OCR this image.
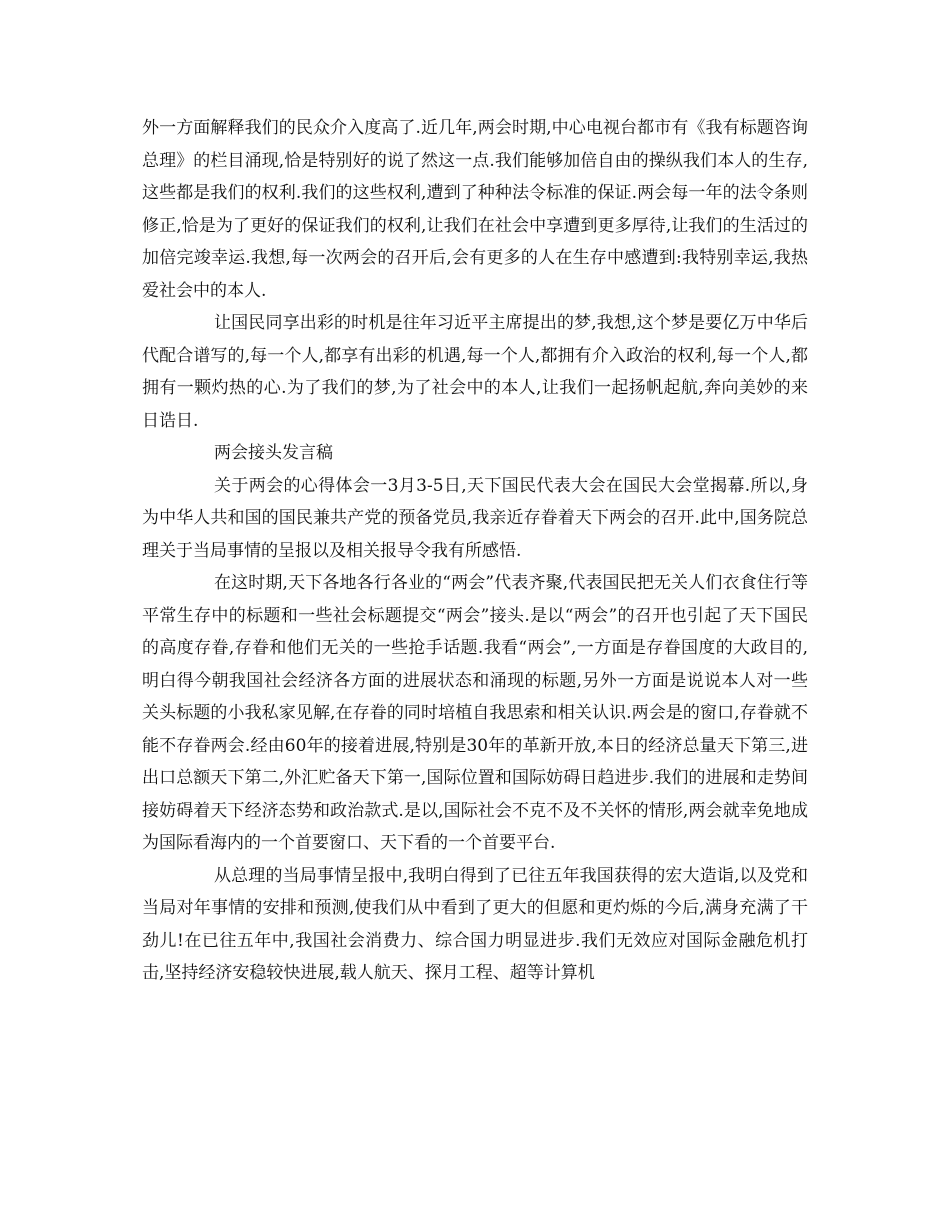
外一方面解释我们的民众介入度高了.近几年,两会时期,中心电视台都市有《我有标题咨询总理》的栏目涌现,恰是特别好的说了然这一点.我们能够加倍自由的操纵我们本人的生存,这些都是我们的权利.我们的这些权利,遭到了种种法令标准的保证.两会每一年的法令条则修正,恰是为了更好的保证我们的权利,让我们在社会中享遭到更多厚待,让我们的生活过的加倍完竣幸运.我想,每一次两会的召开后,会有更多的人在生存中感遭到:我特别幸运,我热爱社会中的本人.

让国民同享出彩的时机是往年习近平主席提出的梦,我想,这个梦是要亿万中华后代配合谱写的,每一个人,都享有出彩的机遇,每一个人,都拥有介入政治的权利,每一个人,都拥有一颗灼热的心.为了我们的梦,为了社会中的本人,让我们一起扬帆起航,奔向美妙的来日诰日.

两会接头发言稿

关于两会的心得体会一3月3-5日,天下国民代表大会在国民大会堂揭幕.所以,身为中华人共和国的国民兼共产党的预备党员,我亲近存眷着天下两会的召开.此中,国务院总理关于当局事情的呈报以及相关报导令我有所感悟.

在这时期,天下各地各行各业的“两会”代表齐聚,代表国民把无关人们衣食住行等平常生存中的标题和一些社会标题提交“两会”接头.是以“两会”的召开也引起了天下国民的高度存眷,存眷和他们无关的一些抢手话题.我看“两会”,一方面是存眷国度的大政目的,明白得今朝我国社会经济各方面的进展状态和涌现的标题,另外一方面是说说本人对一些关头标题的小我私家见解,在存眷的同时培植自我思索和相关认识.两会是的窗口,存眷就不能不存眷两会.经由60年的接着进展,特别是30年的革新开放,本日的经济总量天下第三,进出口总额天下第二,外汇贮备天下第一,国际位置和国际妨碍日趋进步.我们的进展和走势间接妨碍着天下经济态势和政治款式.是以,国际社会不克不及不关怀的情形,两会就幸免地成为国际看海内的一个首要窗口、天下看的一个首要平台.

从总理的当局事情呈报中,我明白得到了已往五年我国获得的宏大造诣,以及党和当局对年事情的安排和预测,使我们从中看到了更大的但愿和更灼烁的今后,满身充满了干劲儿!在已往五年中,我国社会消费力、综合国力明显进步.我们无效应对国际金融危机打击,坚持经济安稳较快进展,载人航天、探月工程、超等计算机
